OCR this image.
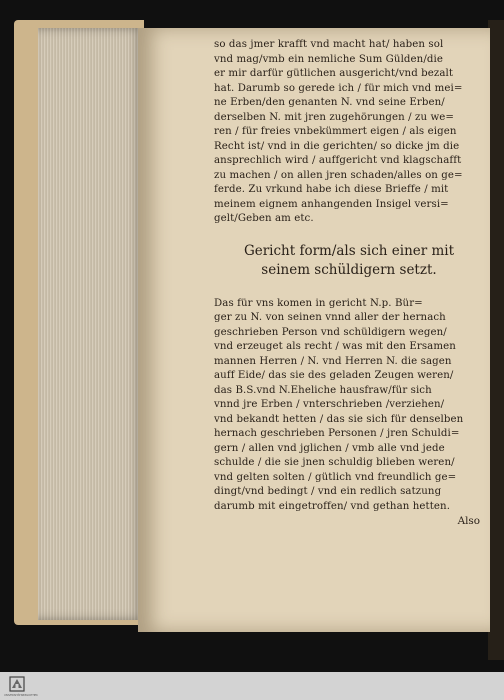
so das jmer krafft vnd macht hat/ haben sol
vnd mag/vmb ein nemliche Sum Gülden/die
er mir darfür gütlichen ausgericht/vnd bezalt
hat. Darumb so gerede ich / für mich vnd mei=
ne Erben/den genanten N. vnd seine Erben/
derselben N. mit jren zugehörungen / zu we=
ren / für freies vnbekümmert eigen / als eigen
Recht ist/ vnd in die gerichten/ so dicke jm die
ansprechlich wird / auffgericht vnd klagschafft
zu machen / on allen jren schaden/alles on ge=
ferde. Zu vrkund habe ich diese Brieffe / mit
meinem eignem anhangenden Insigel versi=
gelt/Geben am etc.
Gericht form/als sich einer mit
seinem schüldigern setzt.
Das für vns komen in gericht N.p. Bür=
ger zu N. von seinen vnnd aller der hernach
geschrieben Person vnd schüldigern wegen/
vnd erzeuget als recht / was mit den Ersamen
mannen Herren / N. vnd Herren N. die sagen
auff Eide/ das sie des geladen Zeugen weren/
das B.S.vnd N.Eheliche hausfraw/für sich
vnnd jre Erben / vnterschrieben /verziehen/
vnd bekandt hetten / das sie sich für denselben
hernach geschrieben Personen / jren Schuldi=
gern / allen vnd jglichen / vmb alle vnd jede
schulde / die sie jnen schuldig blieben weren/
vnd gelten solten / gütlich vnd freundlich ge=
dingt/vnd bedingt / vnd ein redlich satzung
darumb mit eingetroffen/ vnd gethan hetten.
Also
UNIVERSITÄTSBIBLIOTHEK
